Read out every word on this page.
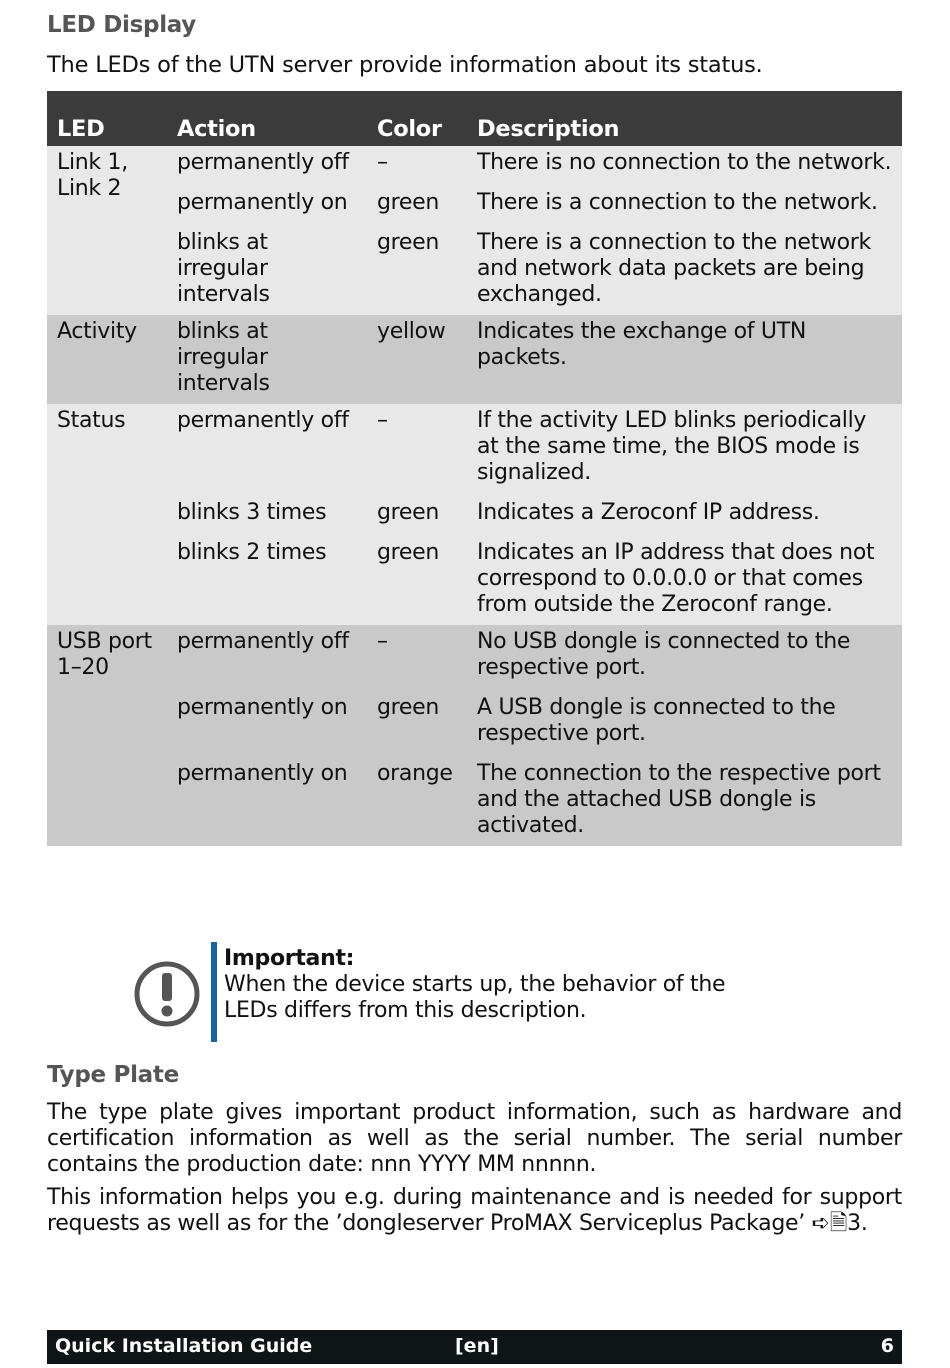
LED Display

The LEDs of the UTN server provide information about its status.

LED	Action	Color	Description
Link 1,
Link 2	permanently off	–	There is no connection to the network.
	permanently on	green	There is a connection to the network.
	blinks at irregular intervals	green	There is a connection to the network and network data packets are being exchanged.
Activity	blinks at irregular intervals	yellow	Indicates the exchange of UTN packets.
Status	permanently off	–	If the activity LED blinks periodically at the same time, the BIOS mode is signalized.
	blinks 3 times	green	Indicates a Zeroconf IP address.
	blinks 2 times	green	Indicates an IP address that does not correspond to 0.0.0.0 or that comes from outside the Zeroconf range.
USB port
1–20	permanently off	–	No USB dongle is connected to the respective port.
	permanently on	green	A USB dongle is connected to the respective port.
	permanently on	orange	The connection to the respective port and the attached USB dongle is activated.
Important:
When the device starts up, the behavior of the LEDs differs from this description.
Type Plate

The type plate gives important product information, such as hardware and certification information as well as the serial number. The serial number contains the production date: nnn YYYY MM nnnnn.

This information helps you e.g. during maintenance and is needed for support requests as well as for the ’dongleserver ProMAX Serviceplus Package’ ➪🗎3.

Quick Installation Guide	[en]	6
